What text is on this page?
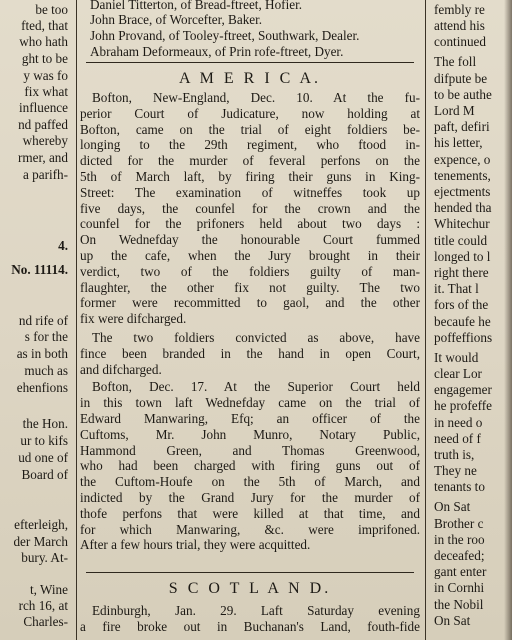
be too
fted, that
who hath
ght to be
y was fo
fix what
influence
nd paffed
whereby
rmer, and
a parifh-
4.
No. 11114.
nd rife of
s for the
as in both
much as
ehenfions
the Hon.
ur to kifs
ud one of
Board of
efterleigh,
der March
bury. At-
t, Wine
rch 16, at
Charles-
Daniel Titterton, of Bread-ftreet, Hofier.
John Brace, of Worcefter, Baker.
John Provand, of Tooley-ftreet, Southwark, Dealer.
Abraham Deformeaux, of Prin rofe-ftreet, Dyer.
A M E R I C A.
Bofton, New-England, Dec. 10. At the fu-
perior Court of Judicature, now holding at
Bofton, came on the trial of eight foldiers be-
longing to the 29th regiment, who ftood in-
dicted for the murder of feveral perfons on the
5th of March laft, by firing their guns in King-
Street: The examination of witneffes took up
five days, the counfel for the crown and the
counfel for the prifoners held about two days :
On Wednefday the honourable Court fummed
up the cafe, when the Jury brought in their
verdict, two of the foldiers guilty of man-
flaughter, the other fix not guilty. The two
former were recommitted to gaol, and the other
fix were difcharged.
The two foldiers convicted as above, have
fince been branded in the hand in open Court,
and difcharged.
Bofton, Dec. 17. At the Superior Court held
in this town laft Wednefday came on the trial of
Edward Manwaring, Efq; an officer of the
Cuftoms, Mr. John Munro, Notary Public,
Hammond Green, and Thomas Greenwood,
who had been charged with firing guns out of
the Cuftom-Houfe on the 5th of March, and
indicted by the Grand Jury for the murder of
thofe perfons that were killed at that time, and
for which Manwaring, &c. were imprifoned.
After a few hours trial, they were acquitted.
S C O T L A N D.
Edinburgh, Jan. 29. Laft Saturday evening
a fire broke out in Buchanan's Land, fouth-fide
fembly re
attend his
continued
The foll
difpute be
to be authe
Lord M
paft, defiri
his letter,
expence, o
tenements,
ejectments
hended tha
Whitechur
title could
longed to l
right there
it. That l
fors of the
becaufe he
poffeffions
It would
clear Lor
engagemer
he profeffe
in need o
need of f
truth is,
They ne
tenants to
On Sat
Brother c
in the roo
deceafed;
gant enter
in Cornhi
the Nobil
On Sat
